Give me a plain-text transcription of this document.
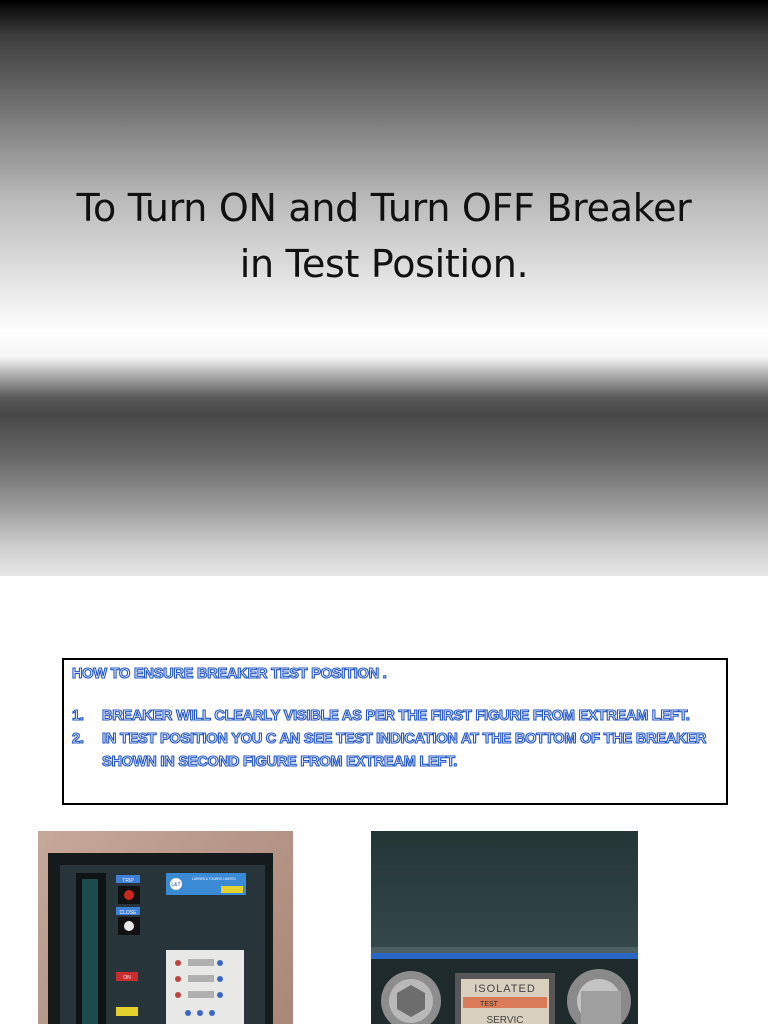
To Turn ON and Turn OFF Breaker
in Test Position.
HOW TO ENSURE BREAKER TEST POSITION .
1. BREAKER WILL CLEARLY VISIBLE AS PER THE FIRST FIGURE FROM EXTREAM LEFT.
2. IN TEST POSITION YOU C AN SEE TEST INDICATION AT THE BOTTOM OF THE BREAKER SHOWN IN SECOND FIGURE FROM EXTREAM LEFT.
TRIP
CLOSE
ON
L&T
LARSEN & TOUBRO LIMITED
ISOLATED
TEST
SERVIC
